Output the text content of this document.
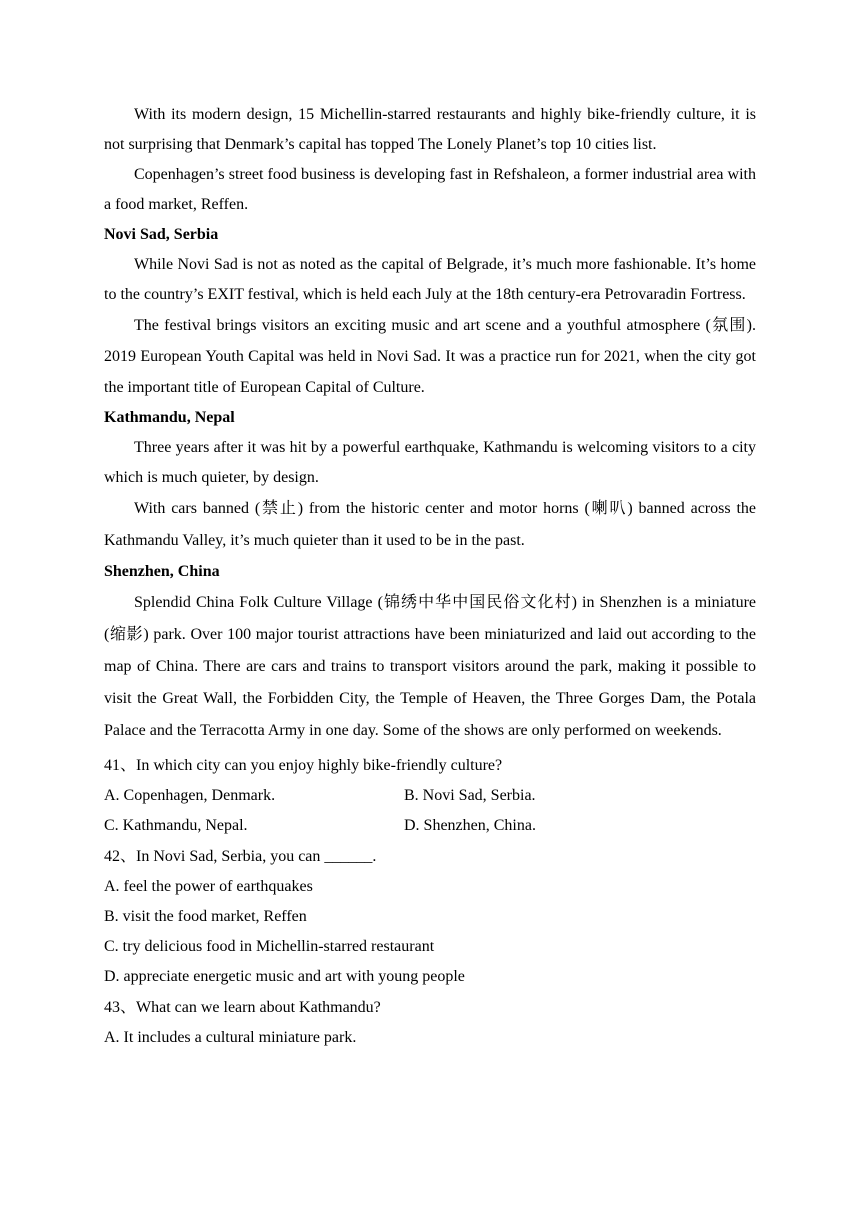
With its modern design, 15 Michellin-starred restaurants and highly bike-friendly culture, it is not surprising that Denmark’s capital has topped The Lonely Planet’s top 10 cities list.

Copenhagen’s street food business is developing fast in Refshaleon, a former industrial area with a food market, Reffen.

Novi Sad, Serbia

While Novi Sad is not as noted as the capital of Belgrade, it’s much more fashionable. It’s home to the country’s EXIT festival, which is held each July at the 18th century-era Petrovaradin Fortress.

The festival brings visitors an exciting music and art scene and a youthful atmosphere (氛围). 2019 European Youth Capital was held in Novi Sad. It was a practice run for 2021, when the city got the important title of European Capital of Culture.

Kathmandu, Nepal

Three years after it was hit by a powerful earthquake, Kathmandu is welcoming visitors to a city which is much quieter, by design.

With cars banned (禁止) from the historic center and motor horns (喇叭) banned across the Kathmandu Valley, it’s much quieter than it used to be in the past.

Shenzhen, China

Splendid China Folk Culture Village (锦绣中华中国民俗文化村) in Shenzhen is a miniature (缩影) park. Over 100 major tourist attractions have been miniaturized and laid out according to the map of China. There are cars and trains to transport visitors around the park, making it possible to visit the Great Wall, the Forbidden City, the Temple of Heaven, the Three Gorges Dam, the Potala Palace and the Terracotta Army in one day. Some of the shows are only performed on weekends.

41、In which city can you enjoy highly bike-friendly culture?

A. Copenhagen, Denmark.	B. Novi Sad, Serbia.
C. Kathmandu, Nepal.	D. Shenzhen, China.

42、In Novi Sad, Serbia, you can ______.

A. feel the power of earthquakes

B. visit the food market, Reffen

C. try delicious food in Michellin-starred restaurant

D. appreciate energetic music and art with young people

43、What can we learn about Kathmandu?

A. It includes a cultural miniature park.
